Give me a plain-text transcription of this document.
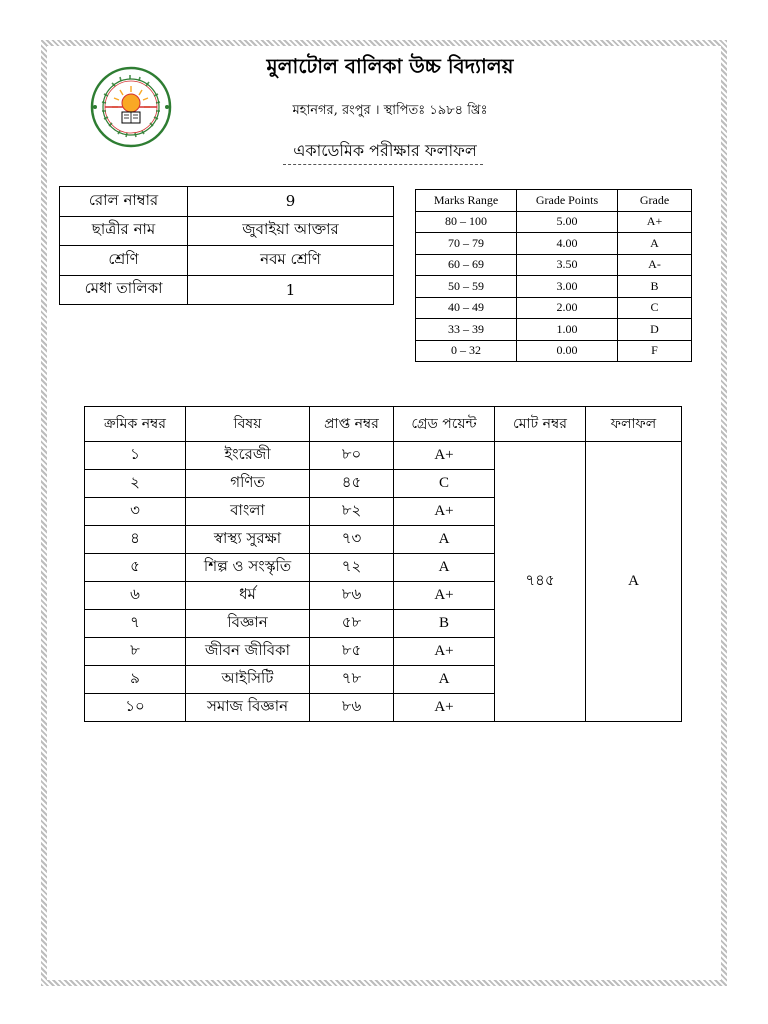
মুলাটোল বালিকা উচ্চ বিদ্যালয়
মহানগর, রংপুর । স্থাপিতঃ ১৯৮৪ খ্রিঃ
একাডেমিক পরীক্ষার ফলাফল
রোল নাম্বার	9
ছাত্রীর নাম	জুবাইয়া আক্তার
শ্রেণি	নবম শ্রেণি
মেধা তালিকা	1
Marks Range	Grade Points	Grade
80 – 100	5.00	A+
70 – 79	4.00	A
60 – 69	3.50	A-
50 – 59	3.00	B
40 – 49	2.00	C
33 – 39	1.00	D
0 – 32	0.00	F
ক্রমিক নম্বর	বিষয়	প্রাপ্ত নম্বর	গ্রেড পয়েন্ট	মোট নম্বর	ফলাফল
১	ইংরেজী	৮০	A+	৭৪৫	A
২	গণিত	৪৫	C		
৩	বাংলা	৮২	A+		
৪	স্বাস্থ্য সুরক্ষা	৭৩	A		
৫	শিল্প ও সংস্কৃতি	৭২	A		
৬	ধর্ম	৮৬	A+		
৭	বিজ্ঞান	৫৮	B		
৮	জীবন জীবিকা	৮৫	A+		
৯	আইসিটি	৭৮	A		
১০	সমাজ বিজ্ঞান	৮৬	A+		
